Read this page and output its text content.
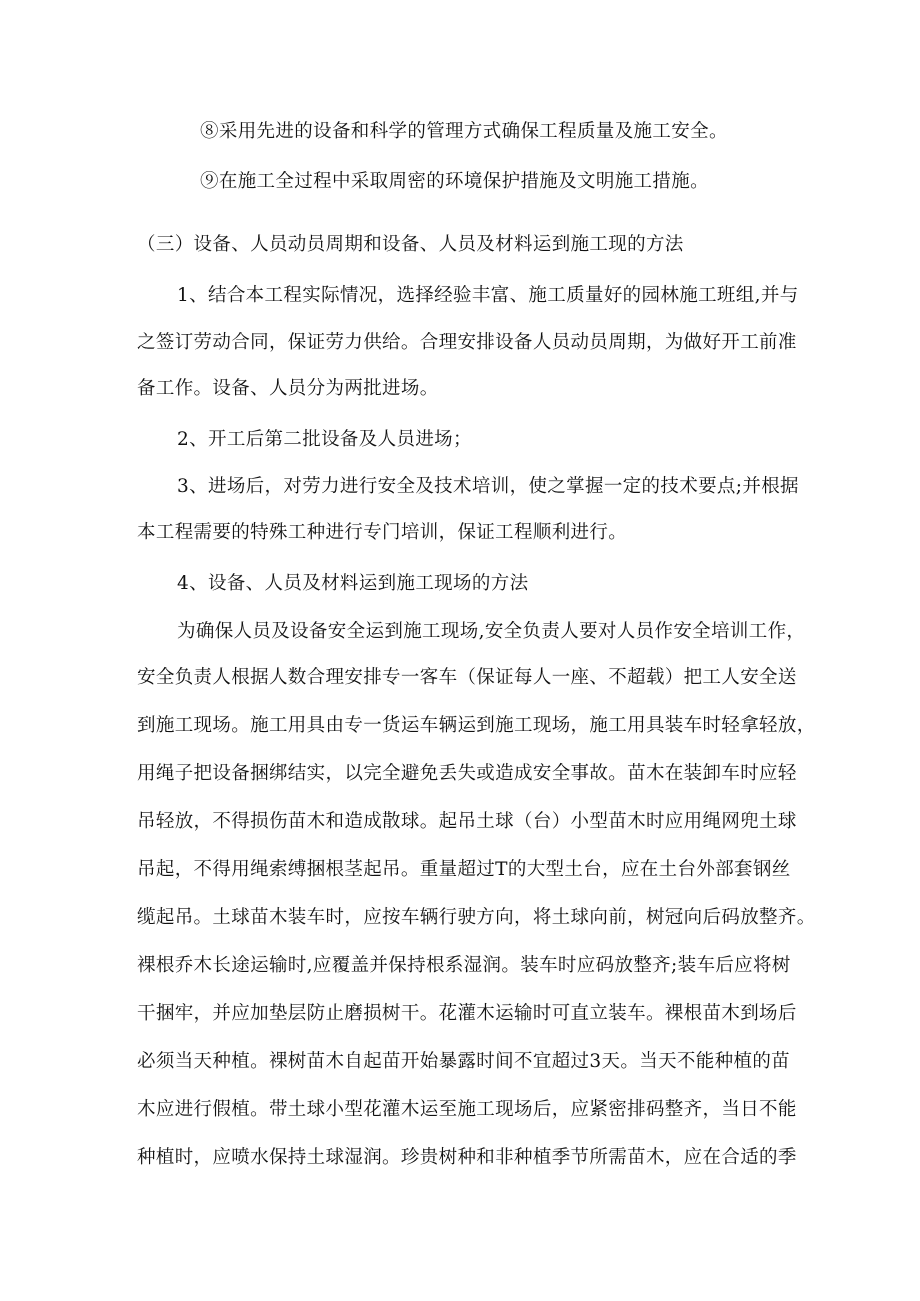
⑧采用先进的设备和科学的管理方式确保工程质量及施工安全。
⑨在施工全过程中采取周密的环境保护措施及文明施工措施。
（三）设备、人员动员周期和设备、人员及材料运到施工现的方法
1、结合本工程实际情况，选择经验丰富、施工质量好的园林施工班组,并与
之签订劳动合同，保证劳力供给。合理安排设备人员动员周期，为做好开工前准
备工作。设备、人员分为两批进场。
2、开工后第二批设备及人员进场；
3、进场后，对劳力进行安全及技术培训，使之掌握一定的技术要点;并根据
本工程需要的特殊工种进行专门培训，保证工程顺利进行。
4、设备、人员及材料运到施工现场的方法
为确保人员及设备安全运到施工现场,安全负责人要对人员作安全培训工作，
安全负责人根据人数合理安排专一客车（保证每人一座、不超载）把工人安全送
到施工现场。施工用具由专一货运车辆运到施工现场，施工用具装车时轻拿轻放，
用绳子把设备捆绑结实，以完全避免丢失或造成安全事故。苗木在装卸车时应轻
吊轻放，不得损伤苗木和造成散球。起吊土球（台）小型苗木时应用绳网兜土球
吊起，不得用绳索缚捆根茎起吊。重量超过T的大型土台，应在土台外部套钢丝
缆起吊。土球苗木装车时，应按车辆行驶方向，将土球向前，树冠向后码放整齐。
裸根乔木长途运输时,应覆盖并保持根系湿润。装车时应码放整齐;装车后应将树
干捆牢，并应加垫层防止磨损树干。花灌木运输时可直立装车。裸根苗木到场后
必须当天种植。裸树苗木自起苗开始暴露时间不宜超过3天。当天不能种植的苗
木应进行假植。带土球小型花灌木运至施工现场后，应紧密排码整齐，当日不能
种植时，应喷水保持土球湿润。珍贵树种和非种植季节所需苗木，应在合适的季
